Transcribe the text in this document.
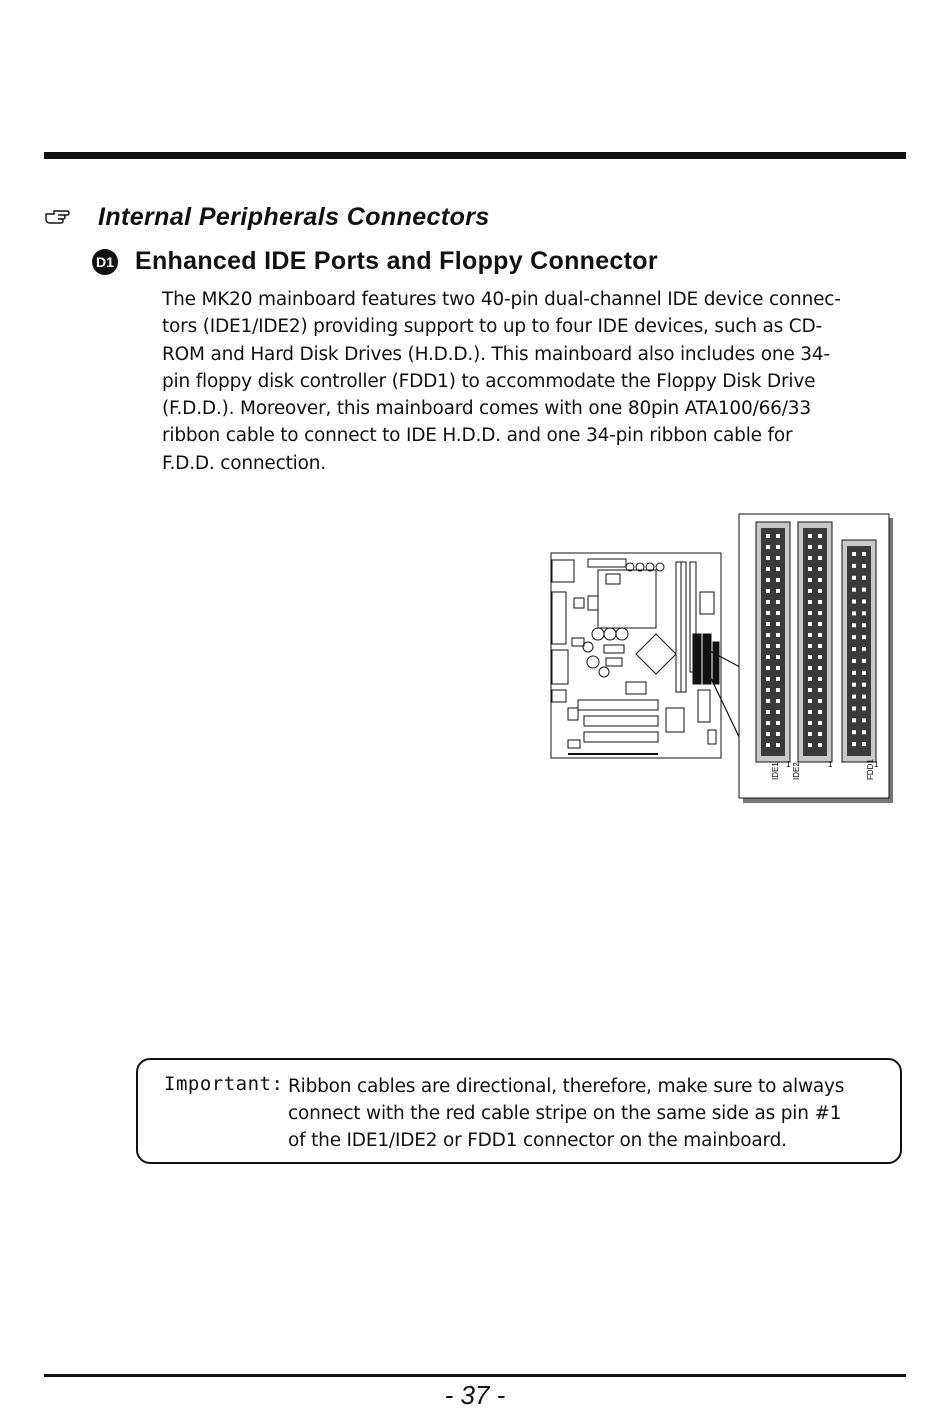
Internal Peripherals Connectors
D1 Enhanced IDE Ports and Floppy Connector

The MK20 mainboard features two 40-pin dual-channel IDE device connec-
tors (IDE1/IDE2) providing support to up to four IDE devices, such as CD-
ROM and Hard Disk Drives (H.D.D.). This mainboard also includes one 34-
pin floppy disk controller (FDD1) to accommodate the Floppy Disk Drive
(F.D.D.). Moreover, this mainboard comes with one 80pin ATA100/66/33
ribbon cable to connect to IDE H.D.D. and one 34-pin ribbon cable for
F.D.D. connection.

IDE1 IDE2	FDD1
1	1	1
Important: Ribbon cables are directional, therefore, make sure to always
connect with the red cable stripe on the same side as pin #1
of the IDE1/IDE2 or FDD1 connector on the mainboard.
- 37 -
